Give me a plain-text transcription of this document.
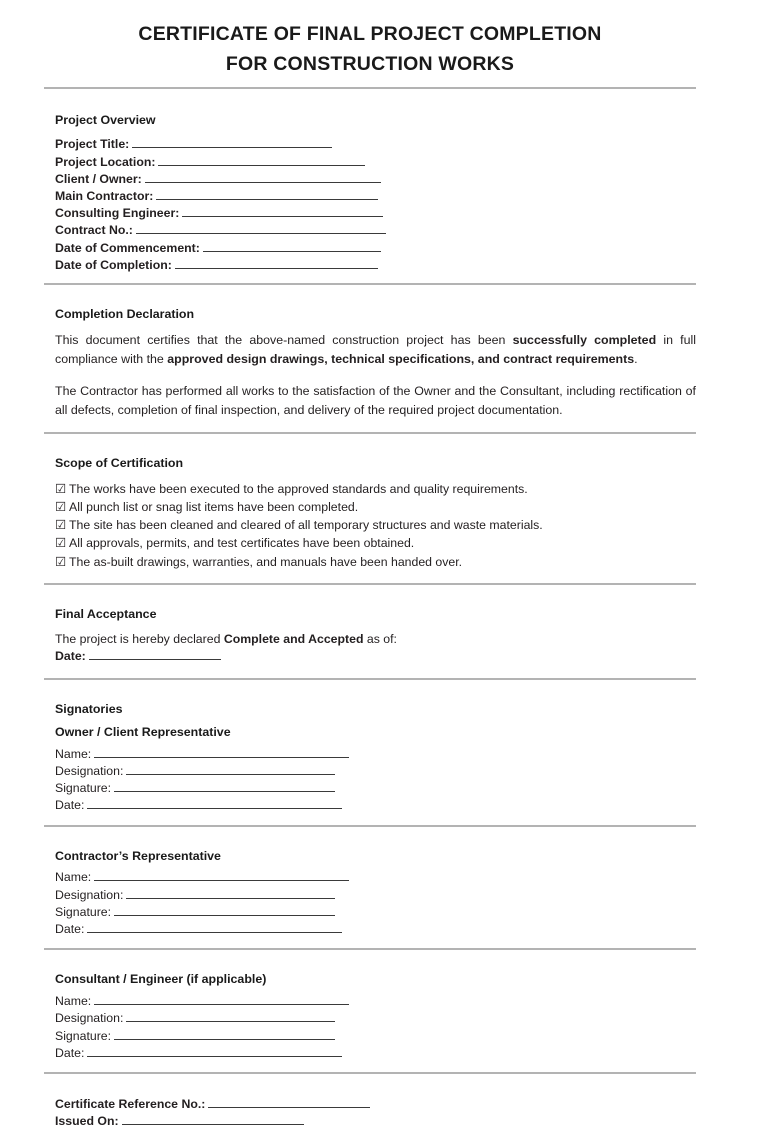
CERTIFICATE OF FINAL PROJECT COMPLETION
FOR CONSTRUCTION WORKS
Project Overview
Project Title:
Project Location:
Client / Owner:
Main Contractor:
Consulting Engineer:
Contract No.:
Date of Commencement:
Date of Completion:
Completion Declaration

This document certifies that the above-named construction project has been successfully completed in full compliance with the approved design drawings, technical specifications, and contract requirements.

The Contractor has performed all works to the satisfaction of the Owner and the Consultant, including rectification of all defects, completion of final inspection, and delivery of the required project documentation.

Scope of Certification
☑ The works have been executed to the approved standards and quality requirements.
☑ All punch list or snag list items have been completed.
☑ The site has been cleaned and cleared of all temporary structures and waste materials.
☑ All approvals, permits, and test certificates have been obtained.
☑ The as-built drawings, warranties, and manuals have been handed over.
Final Acceptance
The project is hereby declared Complete and Accepted as of:
Date:
Signatories
Owner / Client Representative
Name:
Designation:
Signature:
Date:
Contractor’s Representative
Name:
Designation:
Signature:
Date:
Consultant / Engineer (if applicable)
Name:
Designation:
Signature:
Date:
Certificate Reference No.:
Issued On:
